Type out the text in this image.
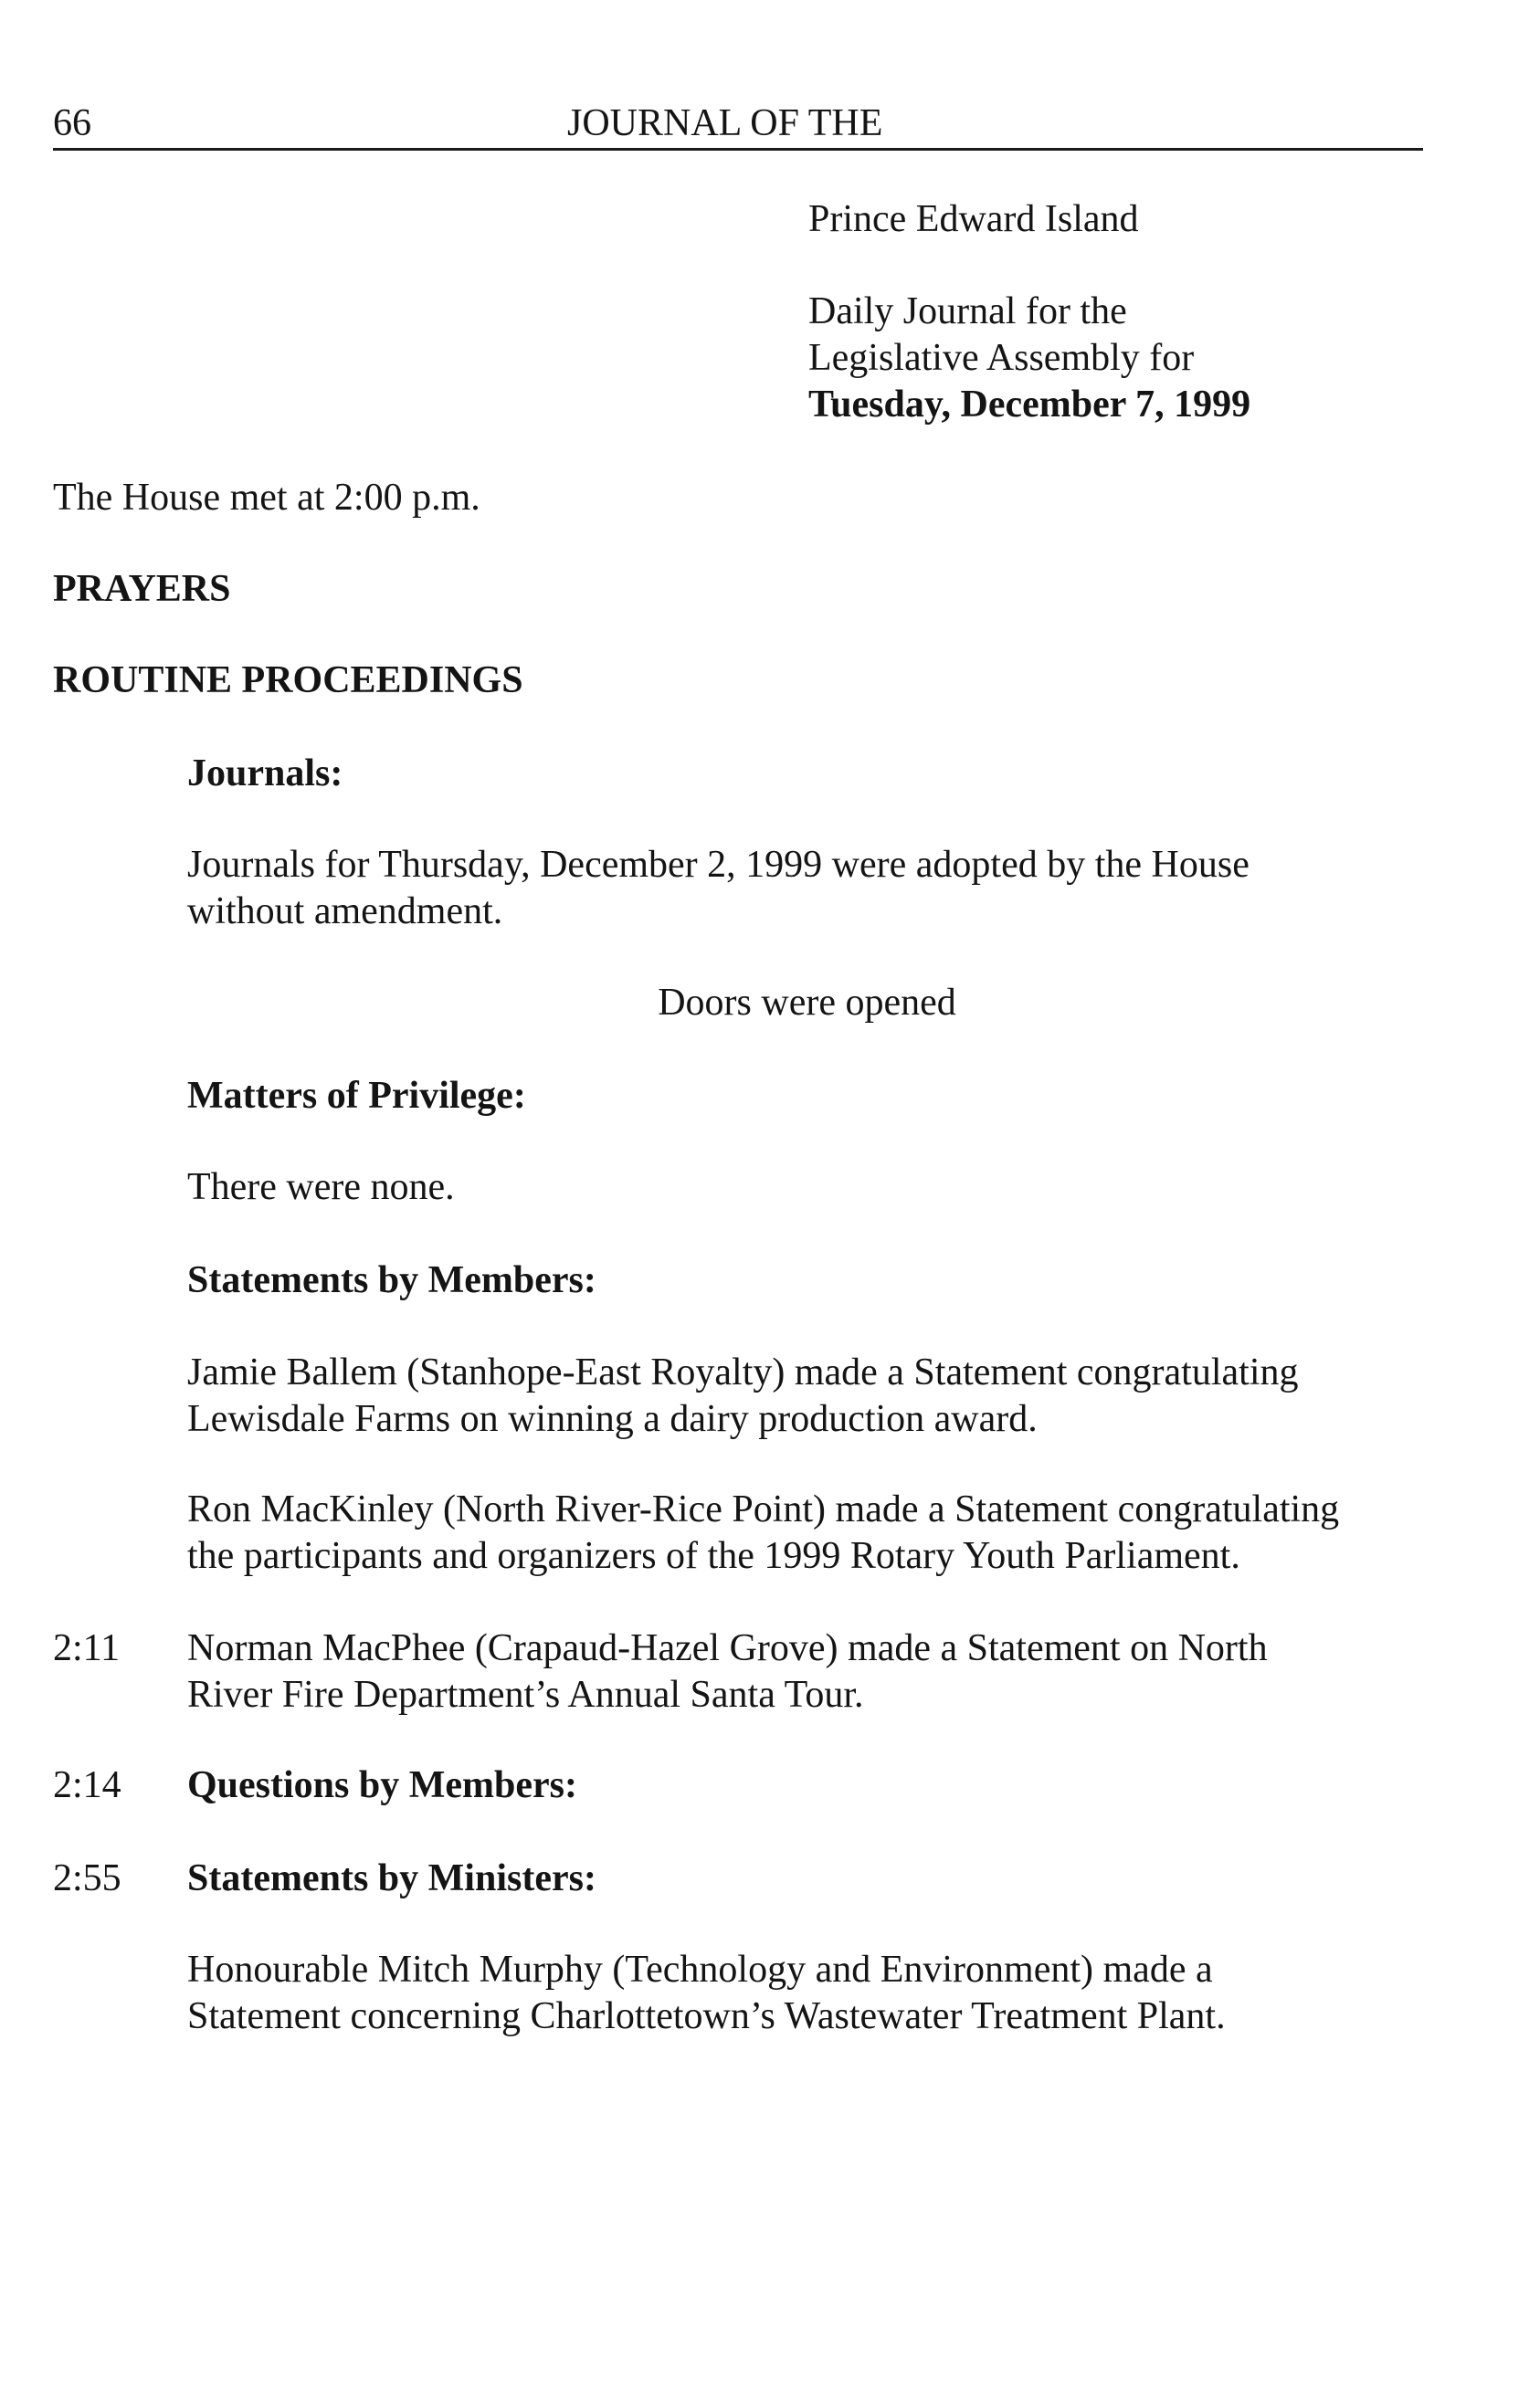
66	JOURNAL OF THE

Prince Edward Island

Daily Journal for the

Legislative Assembly for

Tuesday, December 7, 1999

The House met at 2:00 p.m.

PRAYERS

ROUTINE PROCEEDINGS

Journals:

Journals for Thursday, December 2, 1999 were adopted by the House
without amendment.

Doors were opened

Matters of Privilege:

There were none.

Statements by Members:

Jamie Ballem (Stanhope-East Royalty) made a Statement congratulating
Lewisdale Farms on winning a dairy production award.
Ron MacKinley (North River-Rice Point) made a Statement congratulating
the participants and organizers of the 1999 Rotary Youth Parliament.

2:11 Norman MacPhee (Crapaud-Hazel Grove) made a Statement on North
River Fire Department’s Annual Santa Tour.

2:14 Questions by Members:

2:55 Statements by Ministers:

Honourable Mitch Murphy (Technology and Environment) made a
Statement concerning Charlottetown’s Wastewater Treatment Plant.
